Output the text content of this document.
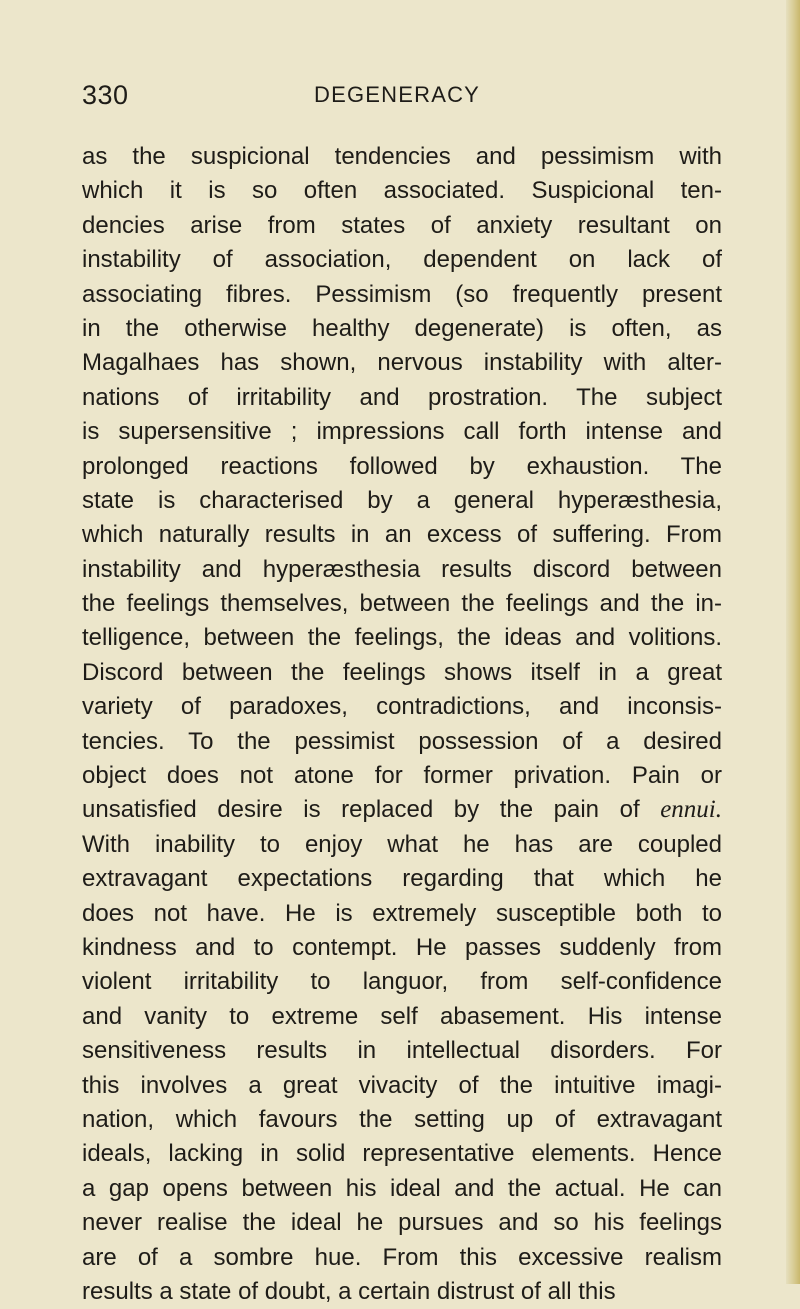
330	DEGENERACY
as the suspicional tendencies and pessimism with
which it is so often associated. Suspicional ten-
dencies arise from states of anxiety resultant on
instability of association, dependent on lack of
associating fibres. Pessimism (so frequently present
in the otherwise healthy degenerate) is often, as
Magalhaes has shown, nervous instability with alter-
nations of irritability and prostration. The subject
is supersensitive ; impressions call forth intense and
prolonged reactions followed by exhaustion. The
state is characterised by a general hyperæsthesia,
which naturally results in an excess of suffering. From
instability and hyperæsthesia results discord between
the feelings themselves, between the feelings and the in-
telligence, between the feelings, the ideas and volitions.
Discord between the feelings shows itself in a great
variety of paradoxes, contradictions, and inconsis-
tencies. To the pessimist possession of a desired
object does not atone for former privation. Pain or
unsatisfied desire is replaced by the pain of ennui.
With inability to enjoy what he has are coupled
extravagant expectations regarding that which he
does not have. He is extremely susceptible both to
kindness and to contempt. He passes suddenly from
violent irritability to languor, from self-confidence
and vanity to extreme self abasement. His intense
sensitiveness results in intellectual disorders. For
this involves a great vivacity of the intuitive imagi-
nation, which favours the setting up of extravagant
ideals, lacking in solid representative elements. Hence
a gap opens between his ideal and the actual. He can
never realise the ideal he pursues and so his feelings
are of a sombre hue. From this excessive realism
results a state of doubt, a certain distrust of all this
